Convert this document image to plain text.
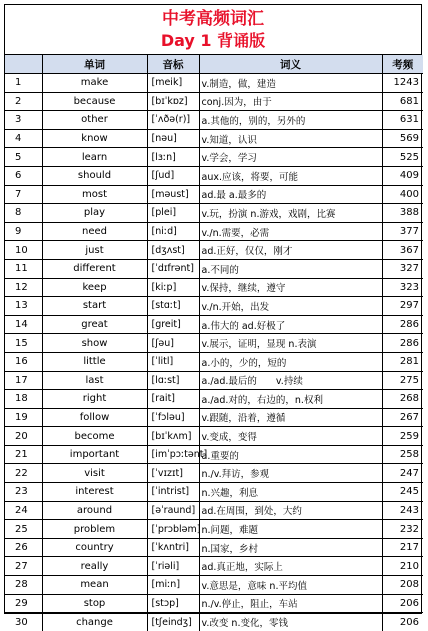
中考高频词汇
Day 1 背诵版
	单词	音标	词义	考频
1	make	[meik]	v.制造，做，建造	1243
2	because	[bɪˈkɒz]	conj.因为，由于	681
3	other	[ˈʌðə(r)]	a.其他的，别的，另外的	631
4	know	[nəu]	v.知道，认识	569
5	learn	[lɜːn]	v.学会，学习	525
6	should	[ʃud]	aux.应该，将要，可能	409
7	most	[məust]	ad.最 a.最多的	400
8	play	[plei]	v.玩，扮演 n.游戏，戏剧，比赛	388
9	need	[niːd]	v./n.需要，必需	377
10	just	[dʒʌst]	ad.正好，仅仅，刚才	367
11	different	[ˈdɪfrənt]	a.不同的	327
12	keep	[kiːp]	v.保持，继续，遵守	323
13	start	[stɑːt]	v./n.开始，出发	297
14	great	[greit]	a.伟大的 ad.好极了	286
15	show	[ʃəu]	v.展示，证明，显现 n.表演	286
16	little	[ˈlitl]	a.小的，少的，短的	281
17	last	[lɑːst]	a./ad.最后的　　v.持续	275
18	right	[rait]	a./ad.对的，右边的，n.权利	268
19	follow	[ˈfɔləu]	v.跟随，沿着，遵循	267
20	become	[bɪˈkʌm]	v.变成，变得	259
21	important	[imˈpɔːtənt]	a.重要的	258
22	visit	[ˈvɪzɪt]	n./v.拜访，参观	247
23	interest	[ˈintrist]	n.兴趣，利息	245
24	around	[əˈraund]	ad.在周围，到处，大约	243
25	problem	[ˈprɔbləm]	n.问题，难题	232
26	country	[ˈkʌntri]	n.国家，乡村	217
27	really	[ˈriəli]	ad.真正地，实际上	210
28	mean	[miːn]	v.意思是，意味 n.平均值	208
29	stop	[stɔp]	n./v.停止，阻止，车站	206
30	change	[tʃeindʒ]	v.改变 n.变化，零钱	206
